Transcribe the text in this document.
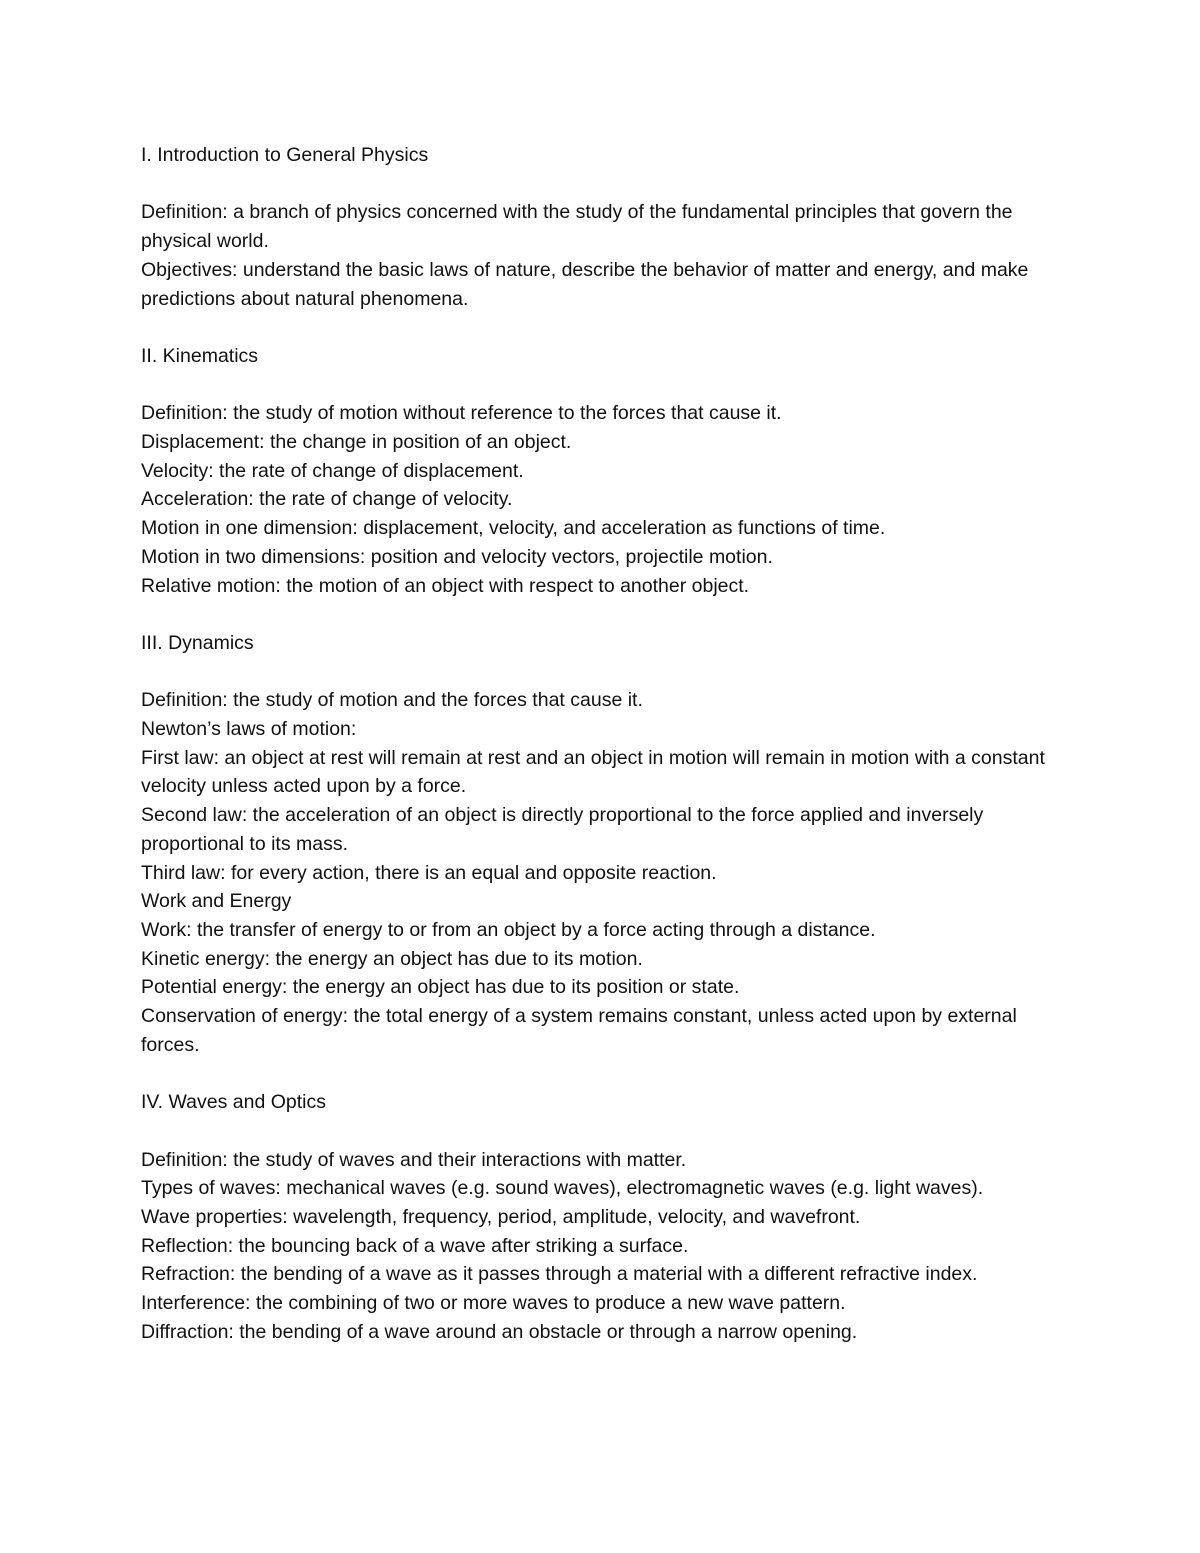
I. Introduction to General Physics

Definition: a branch of physics concerned with the study of the fundamental principles that govern the physical world.

Objectives: understand the basic laws of nature, describe the behavior of matter and energy, and make predictions about natural phenomena.

II. Kinematics

Definition: the study of motion without reference to the forces that cause it.

Displacement: the change in position of an object.

Velocity: the rate of change of displacement.

Acceleration: the rate of change of velocity.

Motion in one dimension: displacement, velocity, and acceleration as functions of time.

Motion in two dimensions: position and velocity vectors, projectile motion.

Relative motion: the motion of an object with respect to another object.

III. Dynamics

Definition: the study of motion and the forces that cause it.

Newton’s laws of motion:

First law: an object at rest will remain at rest and an object in motion will remain in motion with a constant velocity unless acted upon by a force.

Second law: the acceleration of an object is directly proportional to the force applied and inversely proportional to its mass.

Third law: for every action, there is an equal and opposite reaction.

Work and Energy

Work: the transfer of energy to or from an object by a force acting through a distance.

Kinetic energy: the energy an object has due to its motion.

Potential energy: the energy an object has due to its position or state.

Conservation of energy: the total energy of a system remains constant, unless acted upon by external forces.

IV. Waves and Optics

Definition: the study of waves and their interactions with matter.

Types of waves: mechanical waves (e.g. sound waves), electromagnetic waves (e.g. light waves).

Wave properties: wavelength, frequency, period, amplitude, velocity, and wavefront.

Reflection: the bouncing back of a wave after striking a surface.

Refraction: the bending of a wave as it passes through a material with a different refractive index.

Interference: the combining of two or more waves to produce a new wave pattern.

Diffraction: the bending of a wave around an obstacle or through a narrow opening.
